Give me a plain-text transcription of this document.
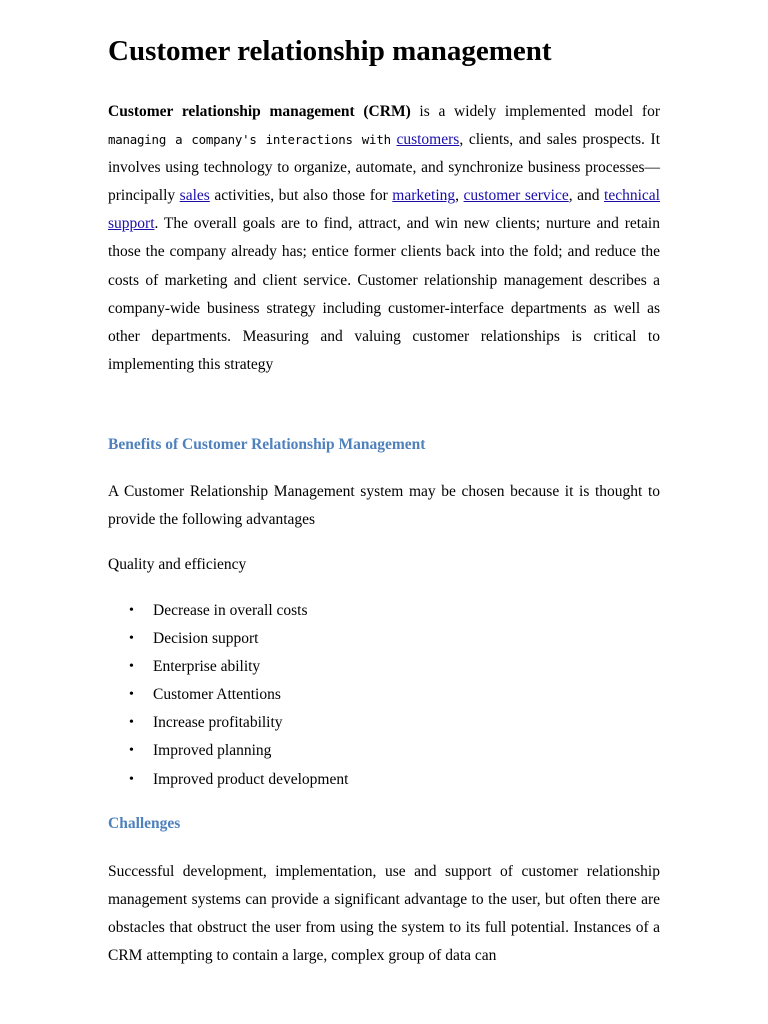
Customer relationship management

Customer relationship management (CRM) is a widely implemented model for managing a company's interactions with customers, clients, and sales prospects. It involves using technology to organize, automate, and synchronize business processes—principally sales activities, but also those for marketing, customer service, and technical support. The overall goals are to find, attract, and win new clients; nurture and retain those the company already has; entice former clients back into the fold; and reduce the costs of marketing and client service. Customer relationship management describes a company-wide business strategy including customer-interface departments as well as other departments. Measuring and valuing customer relationships is critical to implementing this strategy

Benefits of Customer Relationship Management

A Customer Relationship Management system may be chosen because it is thought to provide the following advantages

Quality and efficiency

• Decrease in overall costs
• Decision support
• Enterprise ability
• Customer Attentions
• Increase profitability
• Improved planning
• Improved product development
Challenges

Successful development, implementation, use and support of customer relationship management systems can provide a significant advantage to the user, but often there are obstacles that obstruct the user from using the system to its full potential. Instances of a CRM attempting to contain a large, complex group of data can
